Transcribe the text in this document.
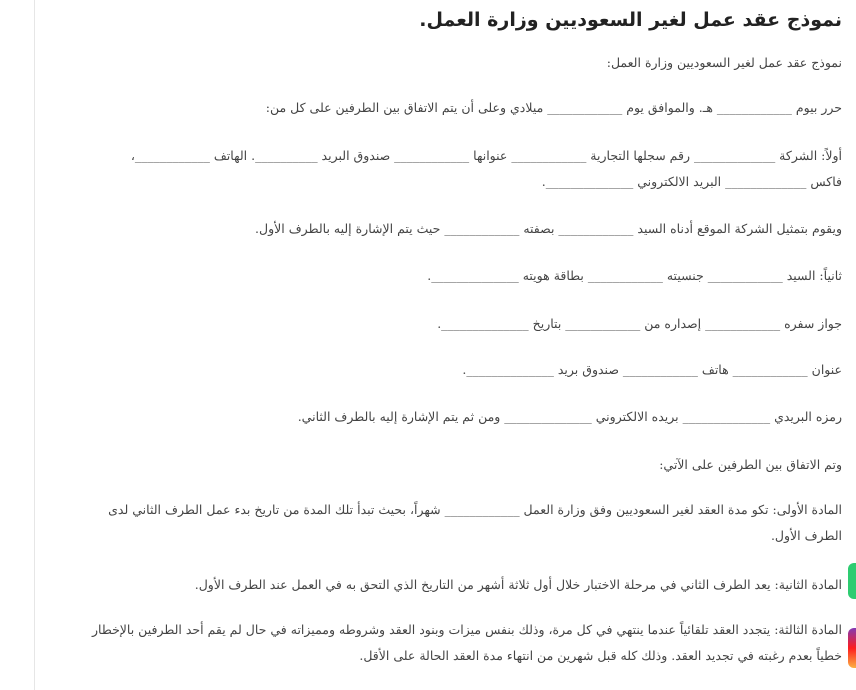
نموذج عقد عمل لغير السعوديين وزارة العمل.

نموذج عقد عمل لغير السعوديين وزارة العمل:

حرر بيوم ____________ هـ. والموافق يوم ____________ ميلادي وعلى أن يتم الاتفاق بين الطرفين على كل من:

أولاً: الشركة _____________ رقم سجلها التجارية ____________ عنوانها ____________ صندوق البريد __________. الهاتف ____________، فاكس _____________ البريد الالكتروني ______________.

ويقوم بتمثيل الشركة الموقع أدناه السيد ____________ بصفته ____________ حيث يتم الإشارة إليه بالطرف الأول.

ثانياً: السيد ____________ جنسيته ____________ بطاقة هويته ______________.

جواز سفره ____________ إصداره من ____________ بتاريخ ______________.

عنوان ____________ هاتف ____________ صندوق بريد ______________.

رمزه البريدي ______________ بريده الالكتروني ______________ ومن ثم يتم الإشارة إليه بالطرف الثاني.

وتم الاتفاق بين الطرفين على الآتي:

المادة الأولى: تكو مدة العقد لغير السعوديين وفق وزارة العمل ____________ شهراً، بحيث تبدأ تلك المدة من تاريخ بدء عمل الطرف الثاني لدى الطرف الأول.

المادة الثانية: يعد الطرف الثاني في مرحلة الاختبار خلال أول ثلاثة أشهر من التاريخ الذي التحق به في العمل عند الطرف الأول.

المادة الثالثة: يتجدد العقد تلقائياً عندما ينتهي في كل مرة، وذلك بنفس ميزات وبنود العقد وشروطه ومميزاته في حال لم يقم أحد الطرفين بالإخطار خطياً بعدم رغبته في تجديد العقد. وذلك كله قبل شهرين من انتهاء مدة العقد الحالة على الأقل.
